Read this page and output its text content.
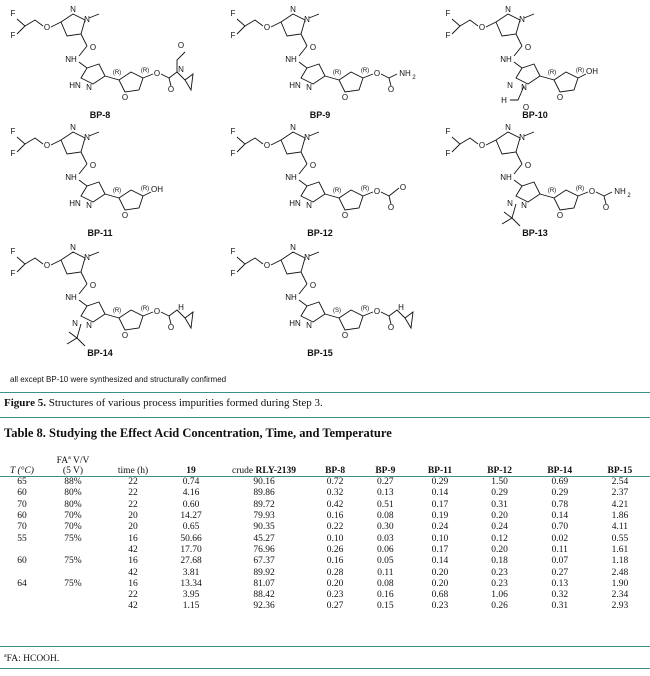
F
F
O
N
N
O
NH
HN N
(R)
O
(R) O
O
N
O
BP-8
F
F
O
N
N
O
NH
HN N
(R)
O
(R) O
O
NH 2
BP-9
F
F
O
N
N
O
NH
N N
(R)
O
(R) OH
H
O
BP-10
F
F
O
N
N
O
NH
HN N
(R)
O
(R) OH
BP-11
F
F
O
N
N
O
NH
HN N
(R)
O
(R) O
O
O
BP-12
F
F
O
N
N
O
NH
N N
(R)
O
(R) O
O
NH 2
BP-13
F
F
O
N
N
O
NH
N N
(R)
O
(R) O
O
H
BP-14
F
F
O
N
N
O
NH
HN N
(S)
O
(R) O
O
H
BP-15
all except BP-10 were synthesized and structurally confirmed
Figure 5. Structures of various process impurities formed during Step 3.
Table 8. Studying the Effect Acid Concentration, Time, and Temperature
T (°C)	$FA^a$ V/V
(5 V)	time (h)	19	crude RLY-2139	BP-8	BP-9	BP-11	BP-12	BP-14	BP-15
65	88%	22	0.74	90.16	0.72	0.27	0.29	1.50	0.69	2.54
60	80%	22	4.16	89.86	0.32	0.13	0.14	0.29	0.29	2.37
70	80%	22	0.60	89.72	0.42	0.51	0.17	0.31	0.78	4.21
60	70%	20	14.27	79.93	0.16	0.08	0.19	0.20	0.14	1.86
70	70%	20	0.65	90.35	0.22	0.30	0.24	0.24	0.70	4.11
55	75%	16	50.66	45.27	0.10	0.03	0.10	0.12	0.02	0.55
		42	17.70	76.96	0.26	0.06	0.17	0.20	0.11	1.61
60	75%	16	27.68	67.37	0.16	0.05	0.14	0.18	0.07	1.18
		42	3.81	89.92	0.28	0.11	0.20	0.23	0.27	2.48
64	75%	16	13.34	81.07	0.20	0.08	0.20	0.23	0.13	1.90
		22	3.95	88.42	0.23	0.16	0.68	1.06	0.32	2.34
		42	1.15	92.36	0.27	0.15	0.23	0.26	0.31	2.93
$^a$FA: HCOOH.
